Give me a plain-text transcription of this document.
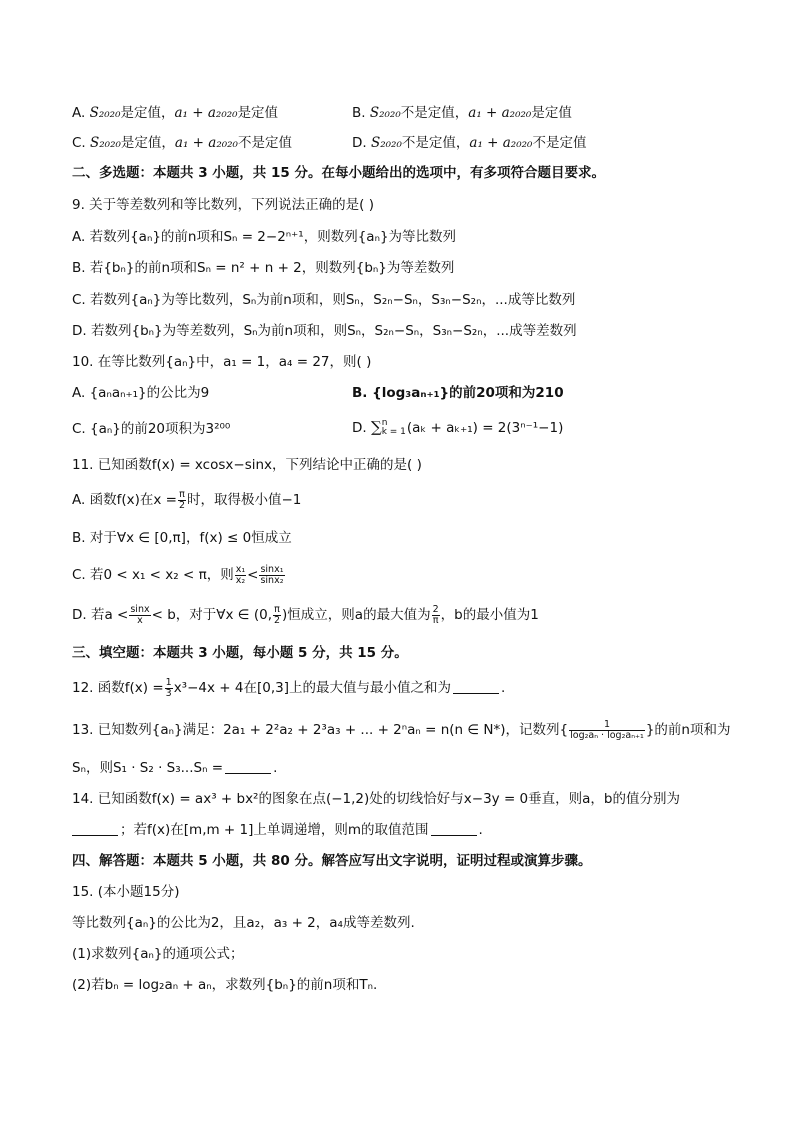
A. S₂₀₂₀是定值，a₁ + a₂₀₂₀是定值	B. S₂₀₂₀不是定值，a₁ + a₂₀₂₀是定值
C. S₂₀₂₀是定值，a₁ + a₂₀₂₀不是定值	D. S₂₀₂₀不是定值，a₁ + a₂₀₂₀不是定值
二、多选题：本题共 3 小题，共 15 分。在每小题给出的选项中，有多项符合题目要求。
9. 关于等差数列和等比数列，下列说法正确的是( )
A. 若数列{aₙ}的前n项和Sₙ = 2−2ⁿ⁺¹，则数列{aₙ}为等比数列
B. 若{bₙ}的前n项和Sₙ = n² + n + 2，则数列{bₙ}为等差数列
C. 若数列{aₙ}为等比数列，Sₙ为前n项和，则Sₙ，S₂ₙ−Sₙ，S₃ₙ−S₂ₙ，...成等比数列
D. 若数列{bₙ}为等差数列，Sₙ为前n项和，则Sₙ，S₂ₙ−Sₙ，S₃ₙ−S₂ₙ，...成等差数列
10. 在等比数列{aₙ}中，a₁ = 1，a₄ = 27，则( )
A. {aₙaₙ₊₁}的公比为9	B. {log₃aₙ₊₁}的前20项和为210
C. {aₙ}的前20项积为3²⁰⁰	D. ∑ n
k = 1 (aₖ + aₖ₊₁) = 2(3ⁿ⁻¹−1)
11. 已知函数f(x) = xcosx−sinx，下列结论中正确的是( )
A. 函数f(x)在$x = \frac{\pi}{2}$ 时，取得极小值−1
B. 对于∀x ∈ [0,π]，f(x) ≤ 0恒成立
C. 若0 < x₁ < x₂ < π，则 $\frac{\text{x₁}}{\text{x₂}} < \frac{\text{sinx₁}}{\text{sinx₂}}$
D. 若$a < \frac{\sin x}{x} < b$，对于∀x ∈ (0, $\frac{\pi}{2}$ )恒成立，则a的最大值为 $\frac{2}{\pi}$ ，b的最小值为1
三、填空题：本题共 3 小题，每小题 5 分，共 15 分。
12. 函数$f(x) = \frac{1}{3} x^3-4x + 4$在[0,3]上的最大值与最小值之和为	.
13. 已知数列{aₙ}满足：2a₁ + 2²a₂ + 2³a₃ + ... + 2ⁿaₙ = n(n ∈ N*)，记数列{ $\frac{1}{\text{log₂aₙ · log₂aₙ₊₁}}$ }的前n项和为
Sₙ，则S₁ · S₂ · S₃...Sₙ =	.
14. 已知函数f(x) = ax³ + bx²的图象在点(−1,2)处的切线恰好与x−3y = 0垂直，则a，b的值分别为
；若f(x)在[m,m + 1]上单调递增，则m的取值范围	.
四、解答题：本题共 5 小题，共 80 分。解答应写出文字说明，证明过程或演算步骤。
15. (本小题15分)
等比数列{aₙ}的公比为2，且a₂，a₃ + 2，a₄成等差数列.
(1)求数列{aₙ}的通项公式；
(2)若bₙ = log₂aₙ + aₙ，求数列{bₙ}的前n项和Tₙ.
